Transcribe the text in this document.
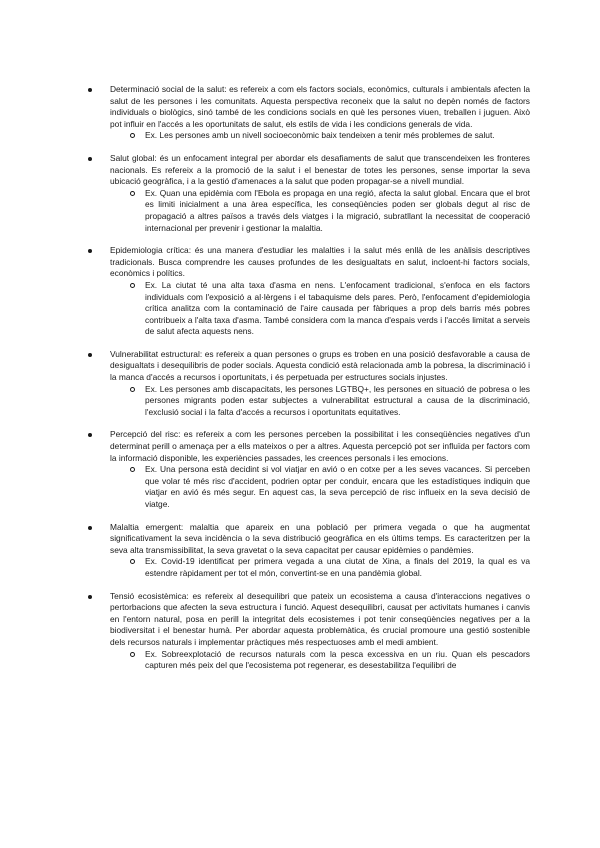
Determinació social de la salut: es refereix a com els factors socials, econòmics, culturals i ambientals afecten la salut de les persones i les comunitats. Aquesta perspectiva reconeix que la salut no depèn només de factors individuals o biològics, sinó també de les condicions socials en què les persones viuen, treballen i juguen. Això pot influir en l'accés a les oportunitats de salut, els estils de vida i les condicions generals de vida.

Ex. Les persones amb un nivell socioeconòmic baix tendeixen a tenir més problemes de salut.

Salut global: és un enfocament integral per abordar els desafiaments de salut que transcendeixen les fronteres nacionals. Es refereix a la promoció de la salut i el benestar de totes les persones, sense importar la seva ubicació geogràfica, i a la gestió d'amenaces a la salut que poden propagar-se a nivell mundial.

Ex. Quan una epidèmia com l'Ebola es propaga en una regió, afecta la salut global. Encara que el brot es limiti inicialment a una àrea específica, les conseqüències poden ser globals degut al risc de propagació a altres països a través dels viatges i la migració, subratllant la necessitat de cooperació internacional per prevenir i gestionar la malaltia.

Epidemiologia crítica: és una manera d'estudiar les malalties i la salut més enllà de les anàlisis descriptives tradicionals. Busca comprendre les causes profundes de les desigualtats en salut, incloent-hi factors socials, econòmics i polítics.

Ex. La ciutat té una alta taxa d'asma en nens. L'enfocament tradicional, s'enfoca en els factors individuals com l'exposició a al·lèrgens i el tabaquisme dels pares. Però, l'enfocament d'epidemiologia crítica analitza com la contaminació de l'aire causada per fàbriques a prop dels barris més pobres contribueix a l'alta taxa d'asma. També considera com la manca d'espais verds i l'accés limitat a serveis de salut afecta aquests nens.

Vulnerabilitat estructural: es refereix a quan persones o grups es troben en una posició desfavorable a causa de desigualtats i desequilibris de poder socials. Aquesta condició està relacionada amb la pobresa, la discriminació i la manca d'accés a recursos i oportunitats, i és perpetuada per estructures socials injustes.

Ex. Les persones amb discapacitats, les persones LGTBQ+, les persones en situació de pobresa o les persones migrants poden estar subjectes a vulnerabilitat estructural a causa de la discriminació, l'exclusió social i la falta d'accés a recursos i oportunitats equitatives.

Percepció del risc: es refereix a com les persones perceben la possibilitat i les conseqüències negatives d'un determinat perill o amenaça per a ells mateixos o per a altres. Aquesta percepció pot ser influïda per factors com la informació disponible, les experiències passades, les creences personals i les emocions.

Ex. Una persona està decidint si vol viatjar en avió o en cotxe per a les seves vacances. Si perceben que volar té més risc d'accident, podrien optar per conduir, encara que les estadístiques indiquin que viatjar en avió és més segur. En aquest cas, la seva percepció de risc influeix en la seva decisió de viatge.

Malaltia emergent: malaltia que apareix en una població per primera vegada o que ha augmentat significativament la seva incidència o la seva distribució geogràfica en els últims temps. Es caracteritzen per la seva alta transmissibilitat, la seva gravetat o la seva capacitat per causar epidèmies o pandèmies.

Ex. Covid-19 identificat per primera vegada a una ciutat de Xina, a finals del 2019, la qual es va estendre ràpidament per tot el món, convertint-se en una pandèmia global.

Tensió ecosistèmica: es refereix al desequilibri que pateix un ecosistema a causa d'interaccions negatives o pertorbacions que afecten la seva estructura i funció. Aquest desequilibri, causat per activitats humanes i canvis en l'entorn natural, posa en perill la integritat dels ecosistemes i pot tenir conseqüències negatives per a la biodiversitat i el benestar humà. Per abordar aquesta problemàtica, és crucial promoure una gestió sostenible dels recursos naturals i implementar pràctiques més respectuoses amb el medi ambient.

Ex. Sobreexplotació de recursos naturals com la pesca excessiva en un riu. Quan els pescadors capturen més peix del que l'ecosistema pot regenerar, es desestabilitza l'equilibri de
